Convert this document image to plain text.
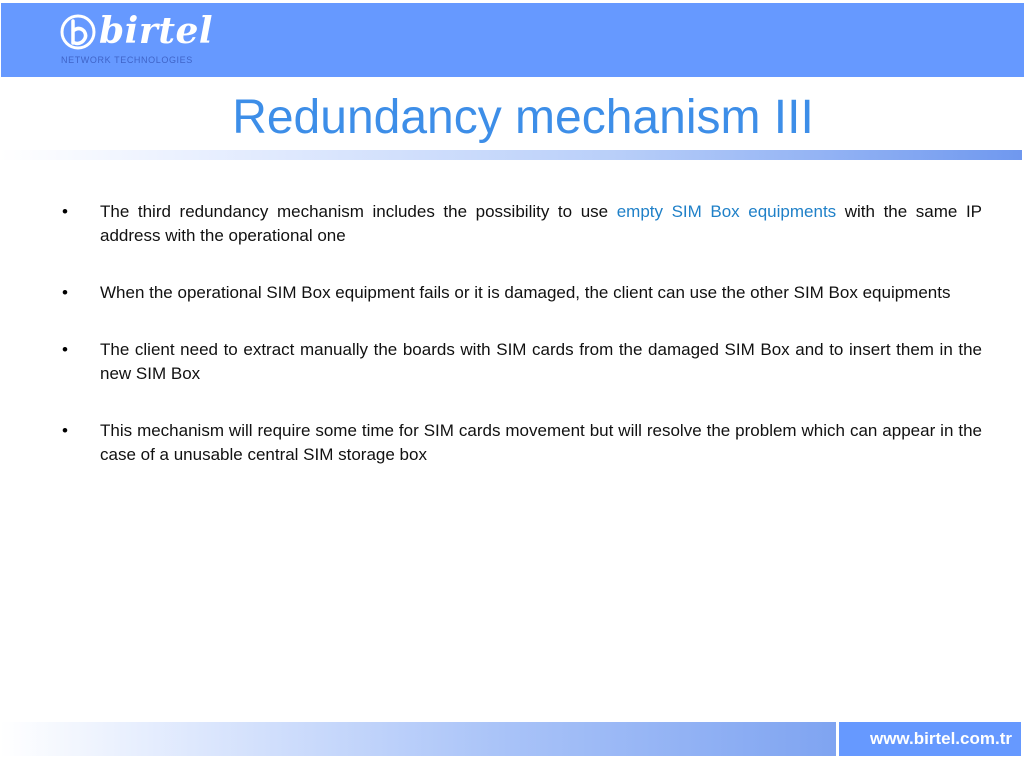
birtel
NETWORK TECHNOLOGIES
Redundancy mechanism III
• The third redundancy mechanism includes the possibility to use empty SIM Box equipments with the same IP address with the operational one
• When the operational SIM Box equipment fails or it is damaged, the client can use the other SIM Box equipments
• The client need to extract manually the boards with SIM cards from the damaged SIM Box and to insert them in the new SIM Box
• This mechanism will require some time for SIM cards movement but will resolve the problem which can appear in the case of a unusable central SIM storage box
www.birtel.com.tr
